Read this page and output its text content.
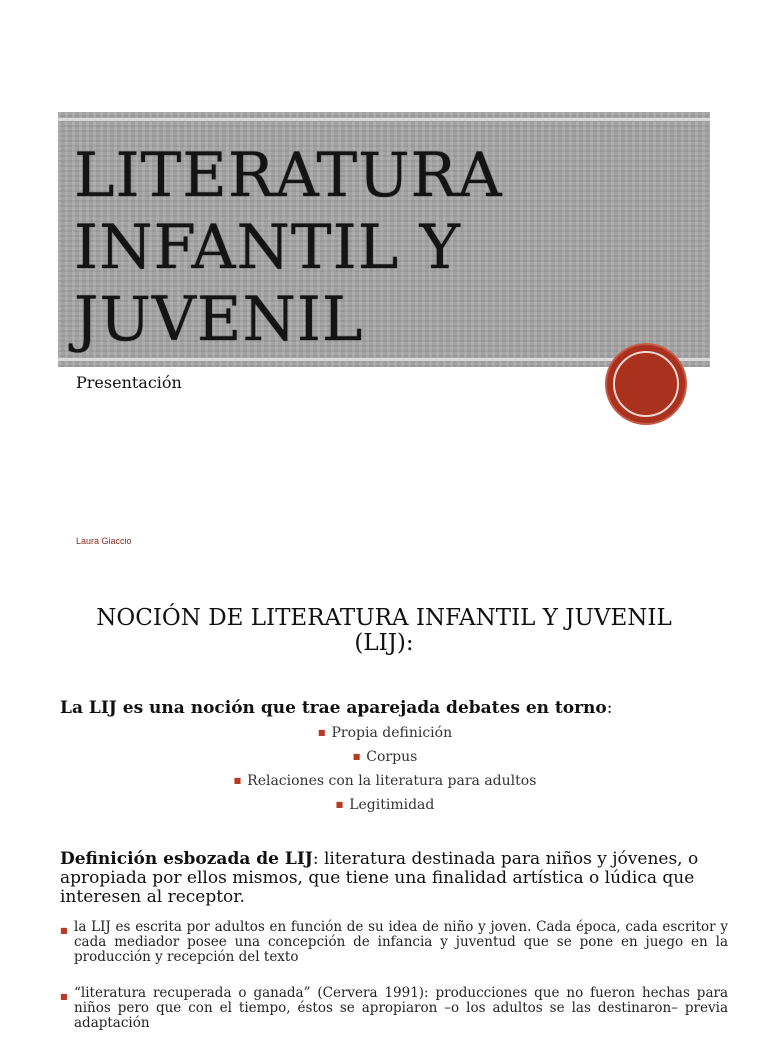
LITERATURA
INFANTIL Y
JUVENIL
Presentación
Laura Giaccio
NOCIÓN DE LITERATURA INFANTIL Y JUVENIL
(LIJ):
La LIJ es una noción que trae aparejada debates en torno:
■ Propia definición
■ Corpus
■ Relaciones con la literatura para adultos
■ Legitimidad
Definición esbozada de LIJ: literatura destinada para niños y jóvenes, o apropiada por ellos mismos, que tiene una finalidad artística o lúdica que interesen al receptor.
■ la LIJ es escrita por adultos en función de su idea de niño y joven. Cada época, cada escritor y cada mediador posee una concepción de infancia y juventud que se pone en juego en la producción y recepción del texto
■ “literatura recuperada o ganada” (Cervera 1991): producciones que no fueron hechas para niños pero que con el tiempo, éstos se apropiaron –o los adultos se las destinaron– previa adaptación
